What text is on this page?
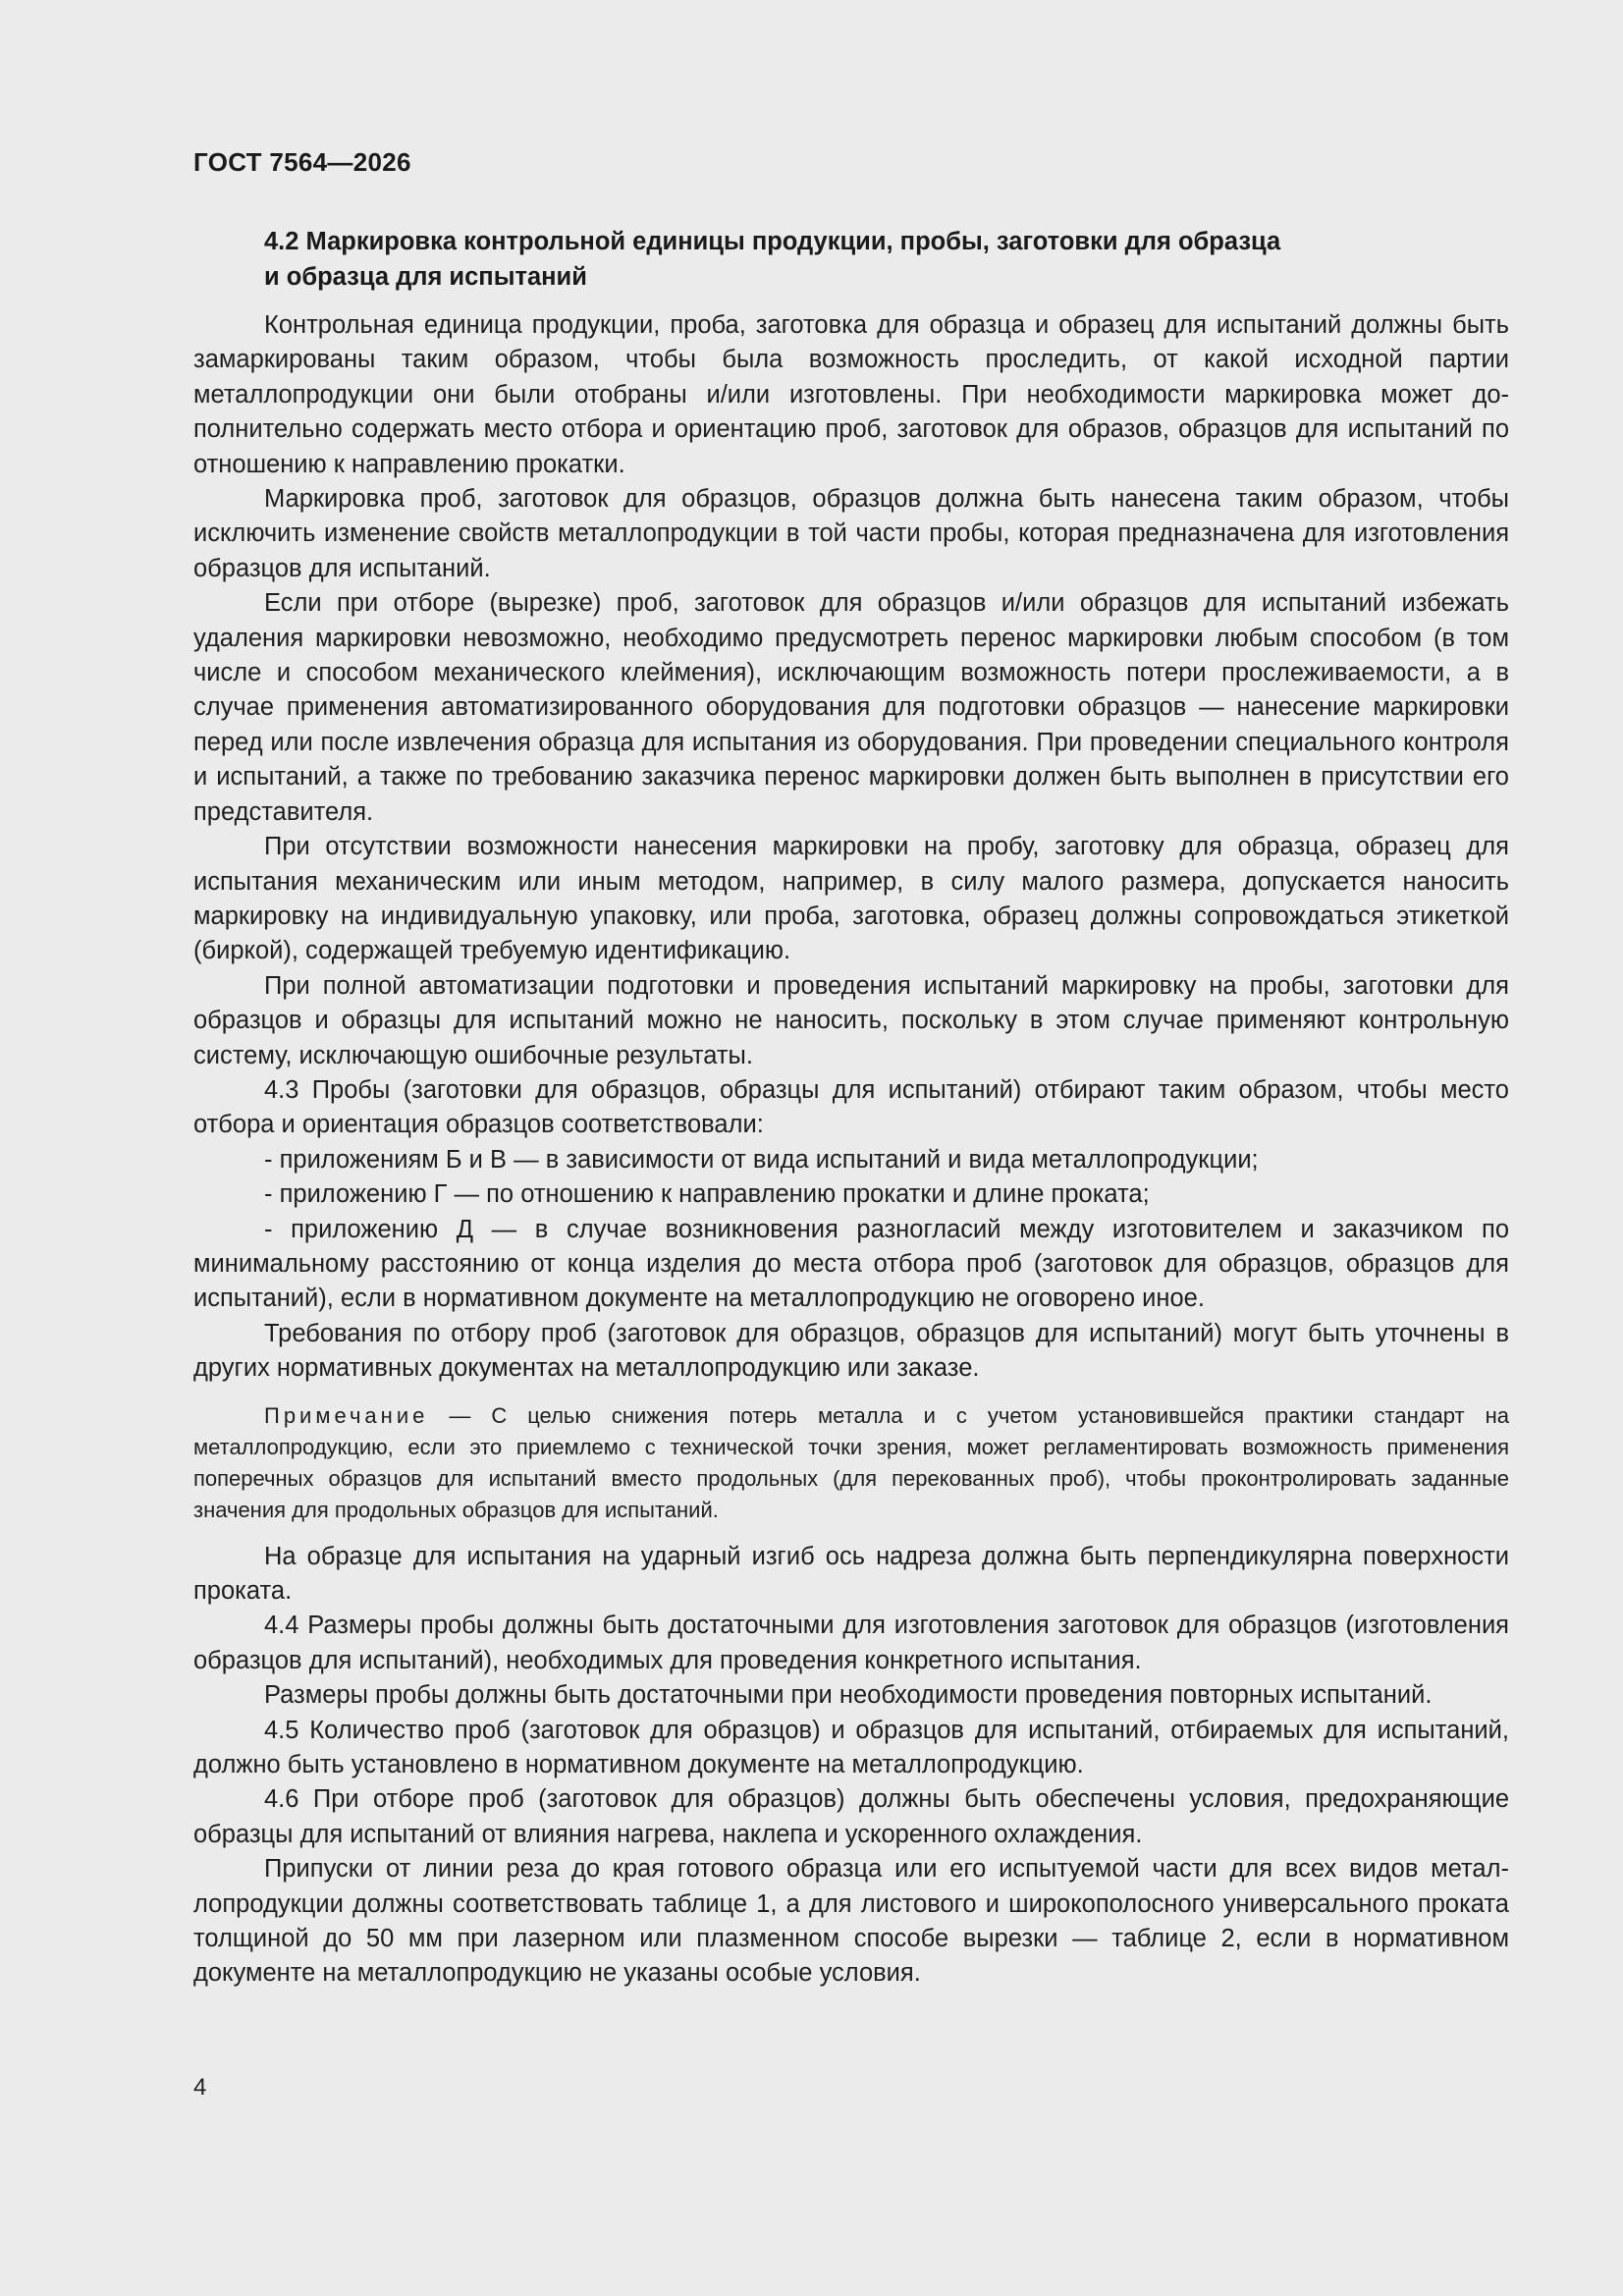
ГОСТ 7564—2026
4.2 Маркировка контрольной единицы продукции, пробы, заготовки для образца
и образца для испытаний

Контрольная единица продукции, проба, заготовка для образца и образец для испытаний должны быть замаркированы таким образом, чтобы была возможность проследить, от какой исходной партии металлопродукции они были отобраны и/или изготовлены. При необходимости маркировка может дополнительно содержать место отбора и ориентацию проб, заготовок для образов, образцов для испытаний по отношению к направлению прокатки.

Маркировка проб, заготовок для образцов, образцов должна быть нанесена таким образом, чтобы исключить изменение свойств металлопродукции в той части пробы, которая предназначена для изготовления образцов для испытаний.

Если при отборе (вырезке) проб, заготовок для образцов и/или образцов для испытаний избежать удаления маркировки невозможно, необходимо предусмотреть перенос маркировки любым способом (в том числе и способом механического клеймения), исключающим возможность потери прослеживаемости, а в случае применения автоматизированного оборудования для подготовки образцов — нанесение маркировки перед или после извлечения образца для испытания из оборудования. При проведении специального контроля и испытаний, а также по требованию заказчика перенос маркировки должен быть выполнен в присутствии его представителя.

При отсутствии возможности нанесения маркировки на пробу, заготовку для образца, образец для испытания механическим или иным методом, например, в силу малого размера, допускается наносить маркировку на индивидуальную упаковку, или проба, заготовка, образец должны сопровождаться этикеткой (биркой), содержащей требуемую идентификацию.

При полной автоматизации подготовки и проведения испытаний маркировку на пробы, заготовки для образцов и образцы для испытаний можно не наносить, поскольку в этом случае применяют контрольную систему, исключающую ошибочные результаты.

4.3 Пробы (заготовки для образцов, образцы для испытаний) отбирают таким образом, чтобы место отбора и ориентация образцов соответствовали:

- приложениям Б и В — в зависимости от вида испытаний и вида металлопродукции;

- приложению Г — по отношению к направлению прокатки и длине проката;

- приложению Д — в случае возникновения разногласий между изготовителем и заказчиком по минимальному расстоянию от конца изделия до места отбора проб (заготовок для образцов, образцов для испытаний), если в нормативном документе на металлопродукцию не оговорено иное.

Требования по отбору проб (заготовок для образцов, образцов для испытаний) могут быть уточнены в других нормативных документах на металлопродукцию или заказе.

Примечание — С целью снижения потерь металла и с учетом установившейся практики стандарт на металлопродукцию, если это приемлемо с технической точки зрения, может регламентировать возможность применения поперечных образцов для испытаний вместо продольных (для перекованных проб), чтобы проконтролировать заданные значения для продольных образцов для испытаний.

На образце для испытания на ударный изгиб ось надреза должна быть перпендикулярна поверхности проката.

4.4 Размеры пробы должны быть достаточными для изготовления заготовок для образцов (изготовления образцов для испытаний), необходимых для проведения конкретного испытания.

Размеры пробы должны быть достаточными при необходимости проведения повторных испытаний.

4.5 Количество проб (заготовок для образцов) и образцов для испытаний, отбираемых для испытаний, должно быть установлено в нормативном документе на металлопродукцию.

4.6 При отборе проб (заготовок для образцов) должны быть обеспечены условия, предохраняющие образцы для испытаний от влияния нагрева, наклепа и ускоренного охлаждения.

Припуски от линии реза до края готового образца или его испытуемой части для всех видов металлопродукции должны соответствовать таблице 1, а для листового и широкополосного универсального проката толщиной до 50 мм при лазерном или плазменном способе вырезки — таблице 2, если в нормативном документе на металлопродукцию не указаны особые условия.

4
